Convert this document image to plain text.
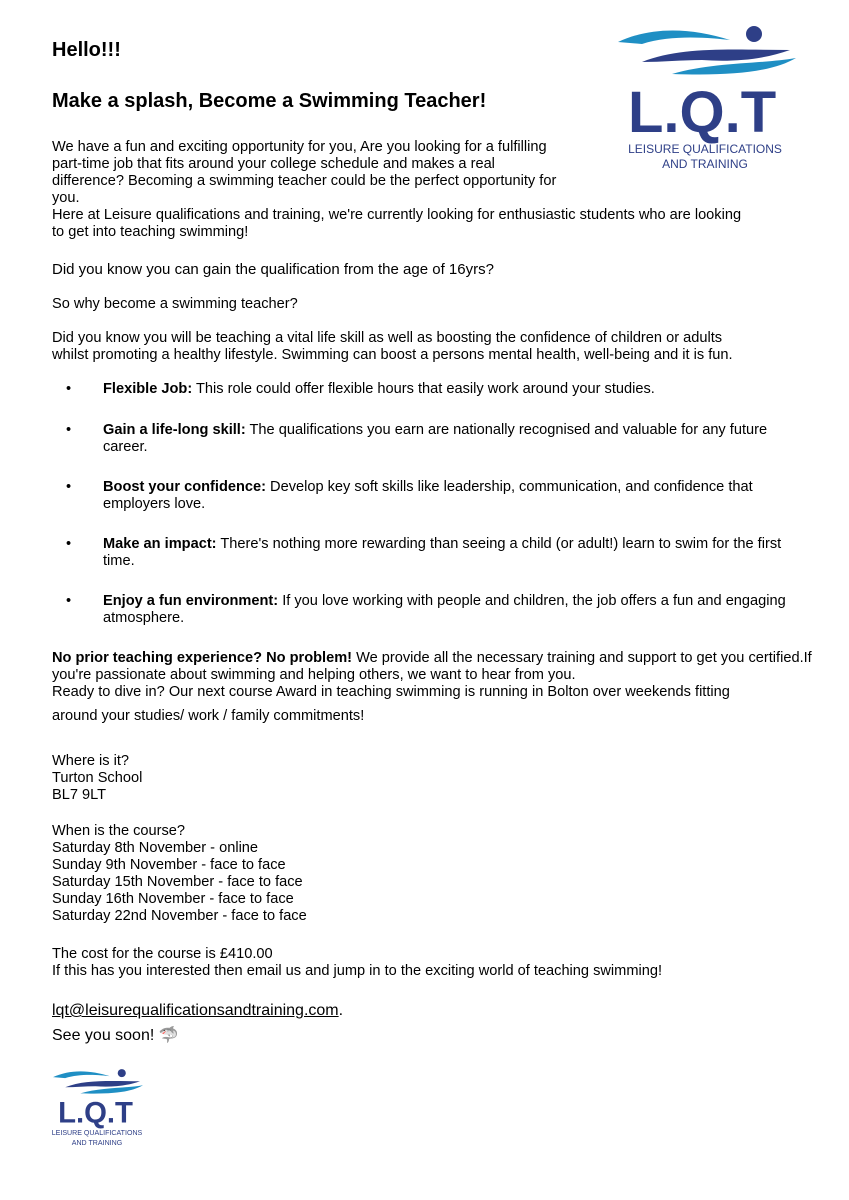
Hello!!!
Make a splash, Become a Swimming Teacher! L.Q.T
LEISURE QUALIFICATIONS
AND TRAINING
We have a fun and exciting opportunity for you, Are you looking for a fulfilling
part-time job that fits around your college schedule and makes a real
difference? Becoming a swimming teacher could be the perfect opportunity for
you.
Here at Leisure qualifications and training, we're currently looking for enthusiastic students who are looking
to get into teaching swimming!
Did you know you can gain the qualification from the age of 16yrs?
So why become a swimming teacher?
Did you know you will be teaching a vital life skill as well as boosting the confidence of children or adults
whilst promoting a healthy lifestyle. Swimming can boost a persons mental health, well-being and it is fun.
• Flexible Job: This role could offer flexible hours that easily work around your studies.
• Gain a life-long skill: The qualifications you earn are nationally recognised and valuable for any future career.
• Boost your confidence: Develop key soft skills like leadership, communication, and confidence that employers love.
• Make an impact: There's nothing more rewarding than seeing a child (or adult!) learn to swim for the first time.
• Enjoy a fun environment: If you love working with people and children, the job offers a fun and engaging atmosphere.
No prior teaching experience? No problem! We provide all the necessary training and support to get you certified.If you're passionate about swimming and helping others, we want to hear from you.
Ready to dive in? Our next course Award in teaching swimming is running in Bolton over weekends fitting
around your studies/ work / family commitments!
Where is it?
Turton School
BL7 9LT
When is the course?
Saturday 8th November - online
Sunday 9th November - face to face
Saturday 15th November - face to face
Sunday 16th November - face to face
Saturday 22nd November - face to face
The cost for the course is £410.00
If this has you interested then email us and jump in to the exciting world of teaching swimming!
lqt@leisurequalificationsandtraining.com.
See you soon! 🦈
L.Q.T
LEISURE QUALIFICATIONS
AND TRAINING
